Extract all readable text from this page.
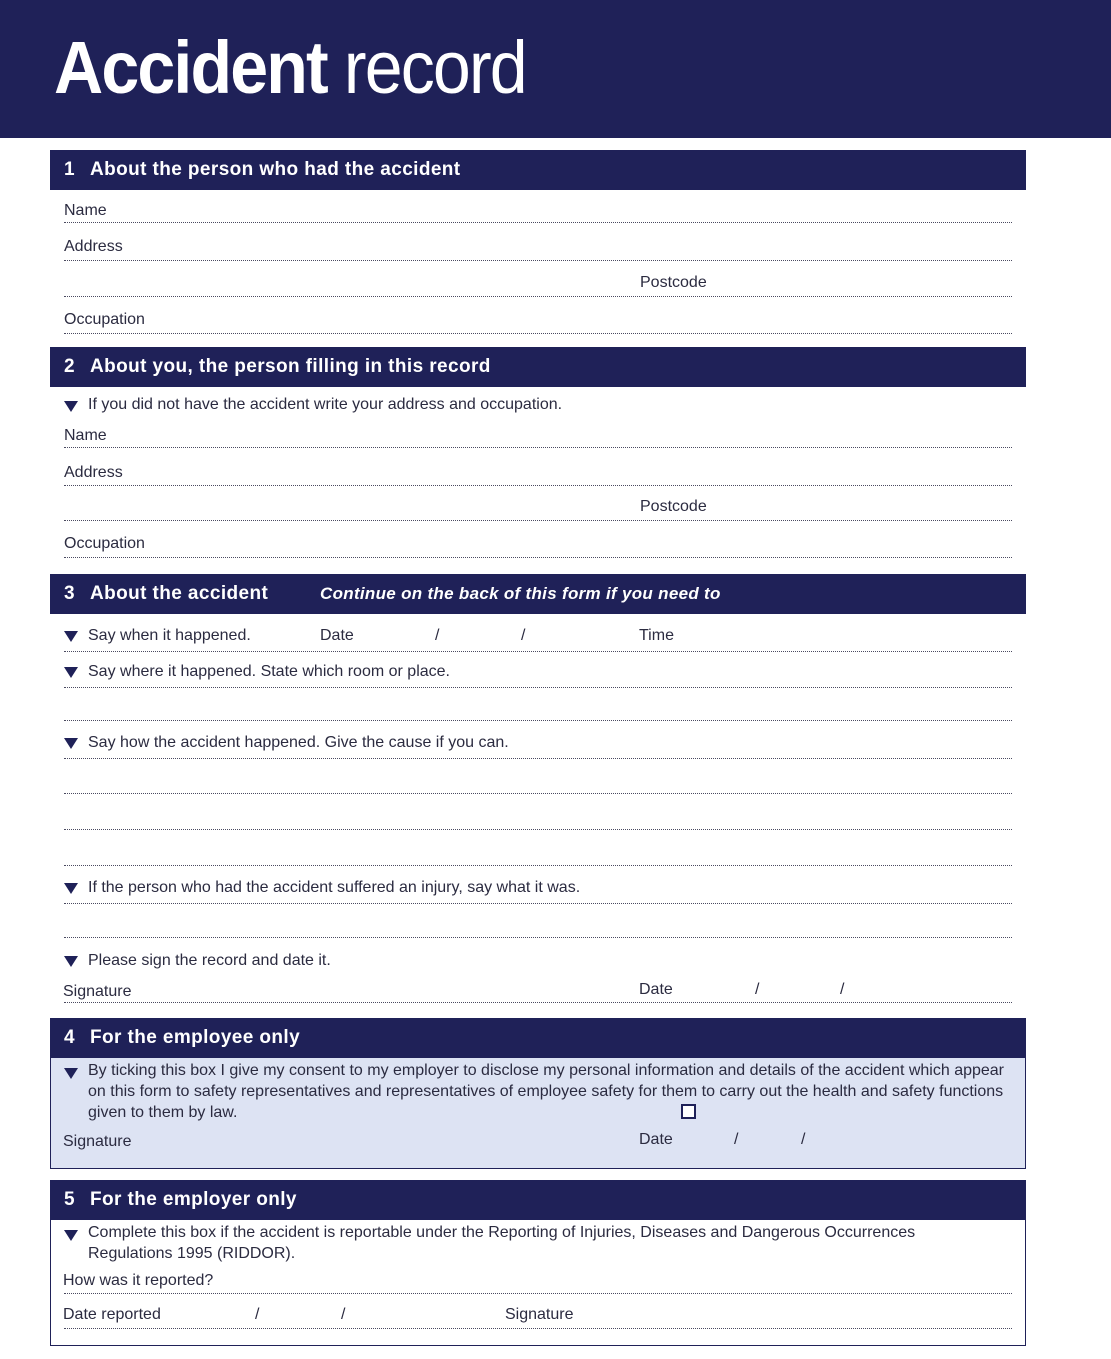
Accident record
1 About the person who had the accident
Name
Address
Postcode
Occupation
2 About you, the person filling in this record
If you did not have the accident write your address and occupation.
Name
Address
Postcode
Occupation
3 About the accident	Continue on the back of this form if you need to
Say when it happened.	Date	/	/	Time
Say where it happened. State which room or place.
Say how the accident happened. Give the cause if you can.
If the person who had the accident suffered an injury, say what it was.
Please sign the record and date it.
Signature	Date	/	/
4 For the employee only
By ticking this box I give my consent to my employer to disclose my personal information and details of the accident which appear on this form to safety representatives and representatives of employee safety for them to carry out the health and safety functions given to them by law.
Signature	Date	/	/
5 For the employer only
Complete this box if the accident is reportable under the Reporting of Injuries, Diseases and Dangerous Occurrences Regulations 1995 (RIDDOR).
How was it reported?
Date reported	/	/	Signature
